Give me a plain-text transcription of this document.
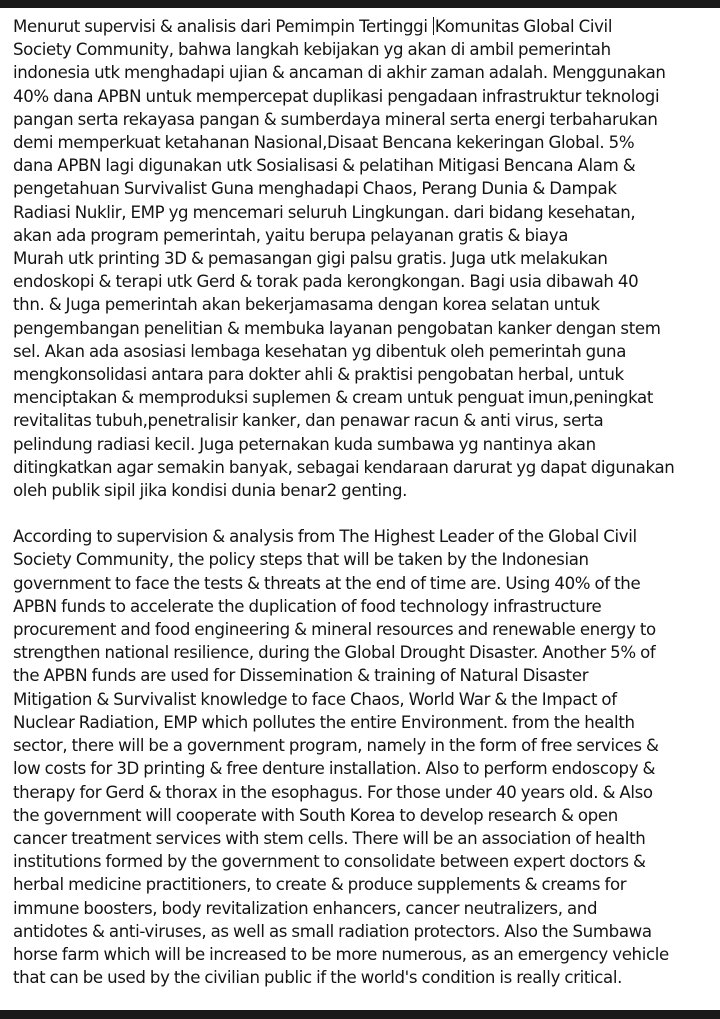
Menurut supervisi & analisis dari Pemimpin Tertinggi Komunitas Global Civil
Society Community, bahwa langkah kebijakan yg akan di ambil pemerintah
indonesia utk menghadapi ujian & ancaman di akhir zaman adalah. Menggunakan
40% dana APBN untuk mempercepat duplikasi pengadaan infrastruktur teknologi
pangan serta rekayasa pangan & sumberdaya mineral serta energi terbaharukan
demi memperkuat ketahanan Nasional,Disaat Bencana kekeringan Global. 5%
dana APBN lagi digunakan utk Sosialisasi & pelatihan Mitigasi Bencana Alam &
pengetahuan Survivalist Guna menghadapi Chaos, Perang Dunia & Dampak
Radiasi Nuklir, EMP yg mencemari seluruh Lingkungan. dari bidang kesehatan,
akan ada program pemerintah, yaitu berupa pelayanan gratis & biaya
Murah utk printing 3D & pemasangan gigi palsu gratis. Juga utk melakukan
endoskopi & terapi utk Gerd & torak pada kerongkongan. Bagi usia dibawah 40
thn. & Juga pemerintah akan bekerjamasama dengan korea selatan untuk
pengembangan penelitian & membuka layanan pengobatan kanker dengan stem
sel. Akan ada asosiasi lembaga kesehatan yg dibentuk oleh pemerintah guna
mengkonsolidasi antara para dokter ahli & praktisi pengobatan herbal, untuk
menciptakan & memproduksi suplemen & cream untuk penguat imun,peningkat
revitalitas tubuh,penetralisir kanker, dan penawar racun & anti virus, serta
pelindung radiasi kecil. Juga peternakan kuda sumbawa yg nantinya akan
ditingkatkan agar semakin banyak, sebagai kendaraan darurat yg dapat digunakan
oleh publik sipil jika kondisi dunia benar2 genting.
According to supervision & analysis from The Highest Leader of the Global Civil
Society Community, the policy steps that will be taken by the Indonesian
government to face the tests & threats at the end of time are. Using 40% of the
APBN funds to accelerate the duplication of food technology infrastructure
procurement and food engineering & mineral resources and renewable energy to
strengthen national resilience, during the Global Drought Disaster. Another 5% of
the APBN funds are used for Dissemination & training of Natural Disaster
Mitigation & Survivalist knowledge to face Chaos, World War & the Impact of
Nuclear Radiation, EMP which pollutes the entire Environment. from the health
sector, there will be a government program, namely in the form of free services &
low costs for 3D printing & free denture installation. Also to perform endoscopy &
therapy for Gerd & thorax in the esophagus. For those under 40 years old. & Also
the government will cooperate with South Korea to develop research & open
cancer treatment services with stem cells. There will be an association of health
institutions formed by the government to consolidate between expert doctors &
herbal medicine practitioners, to create & produce supplements & creams for
immune boosters, body revitalization enhancers, cancer neutralizers, and
antidotes & anti-viruses, as well as small radiation protectors. Also the Sumbawa
horse farm which will be increased to be more numerous, as an emergency vehicle
that can be used by the civilian public if the world's condition is really critical.
